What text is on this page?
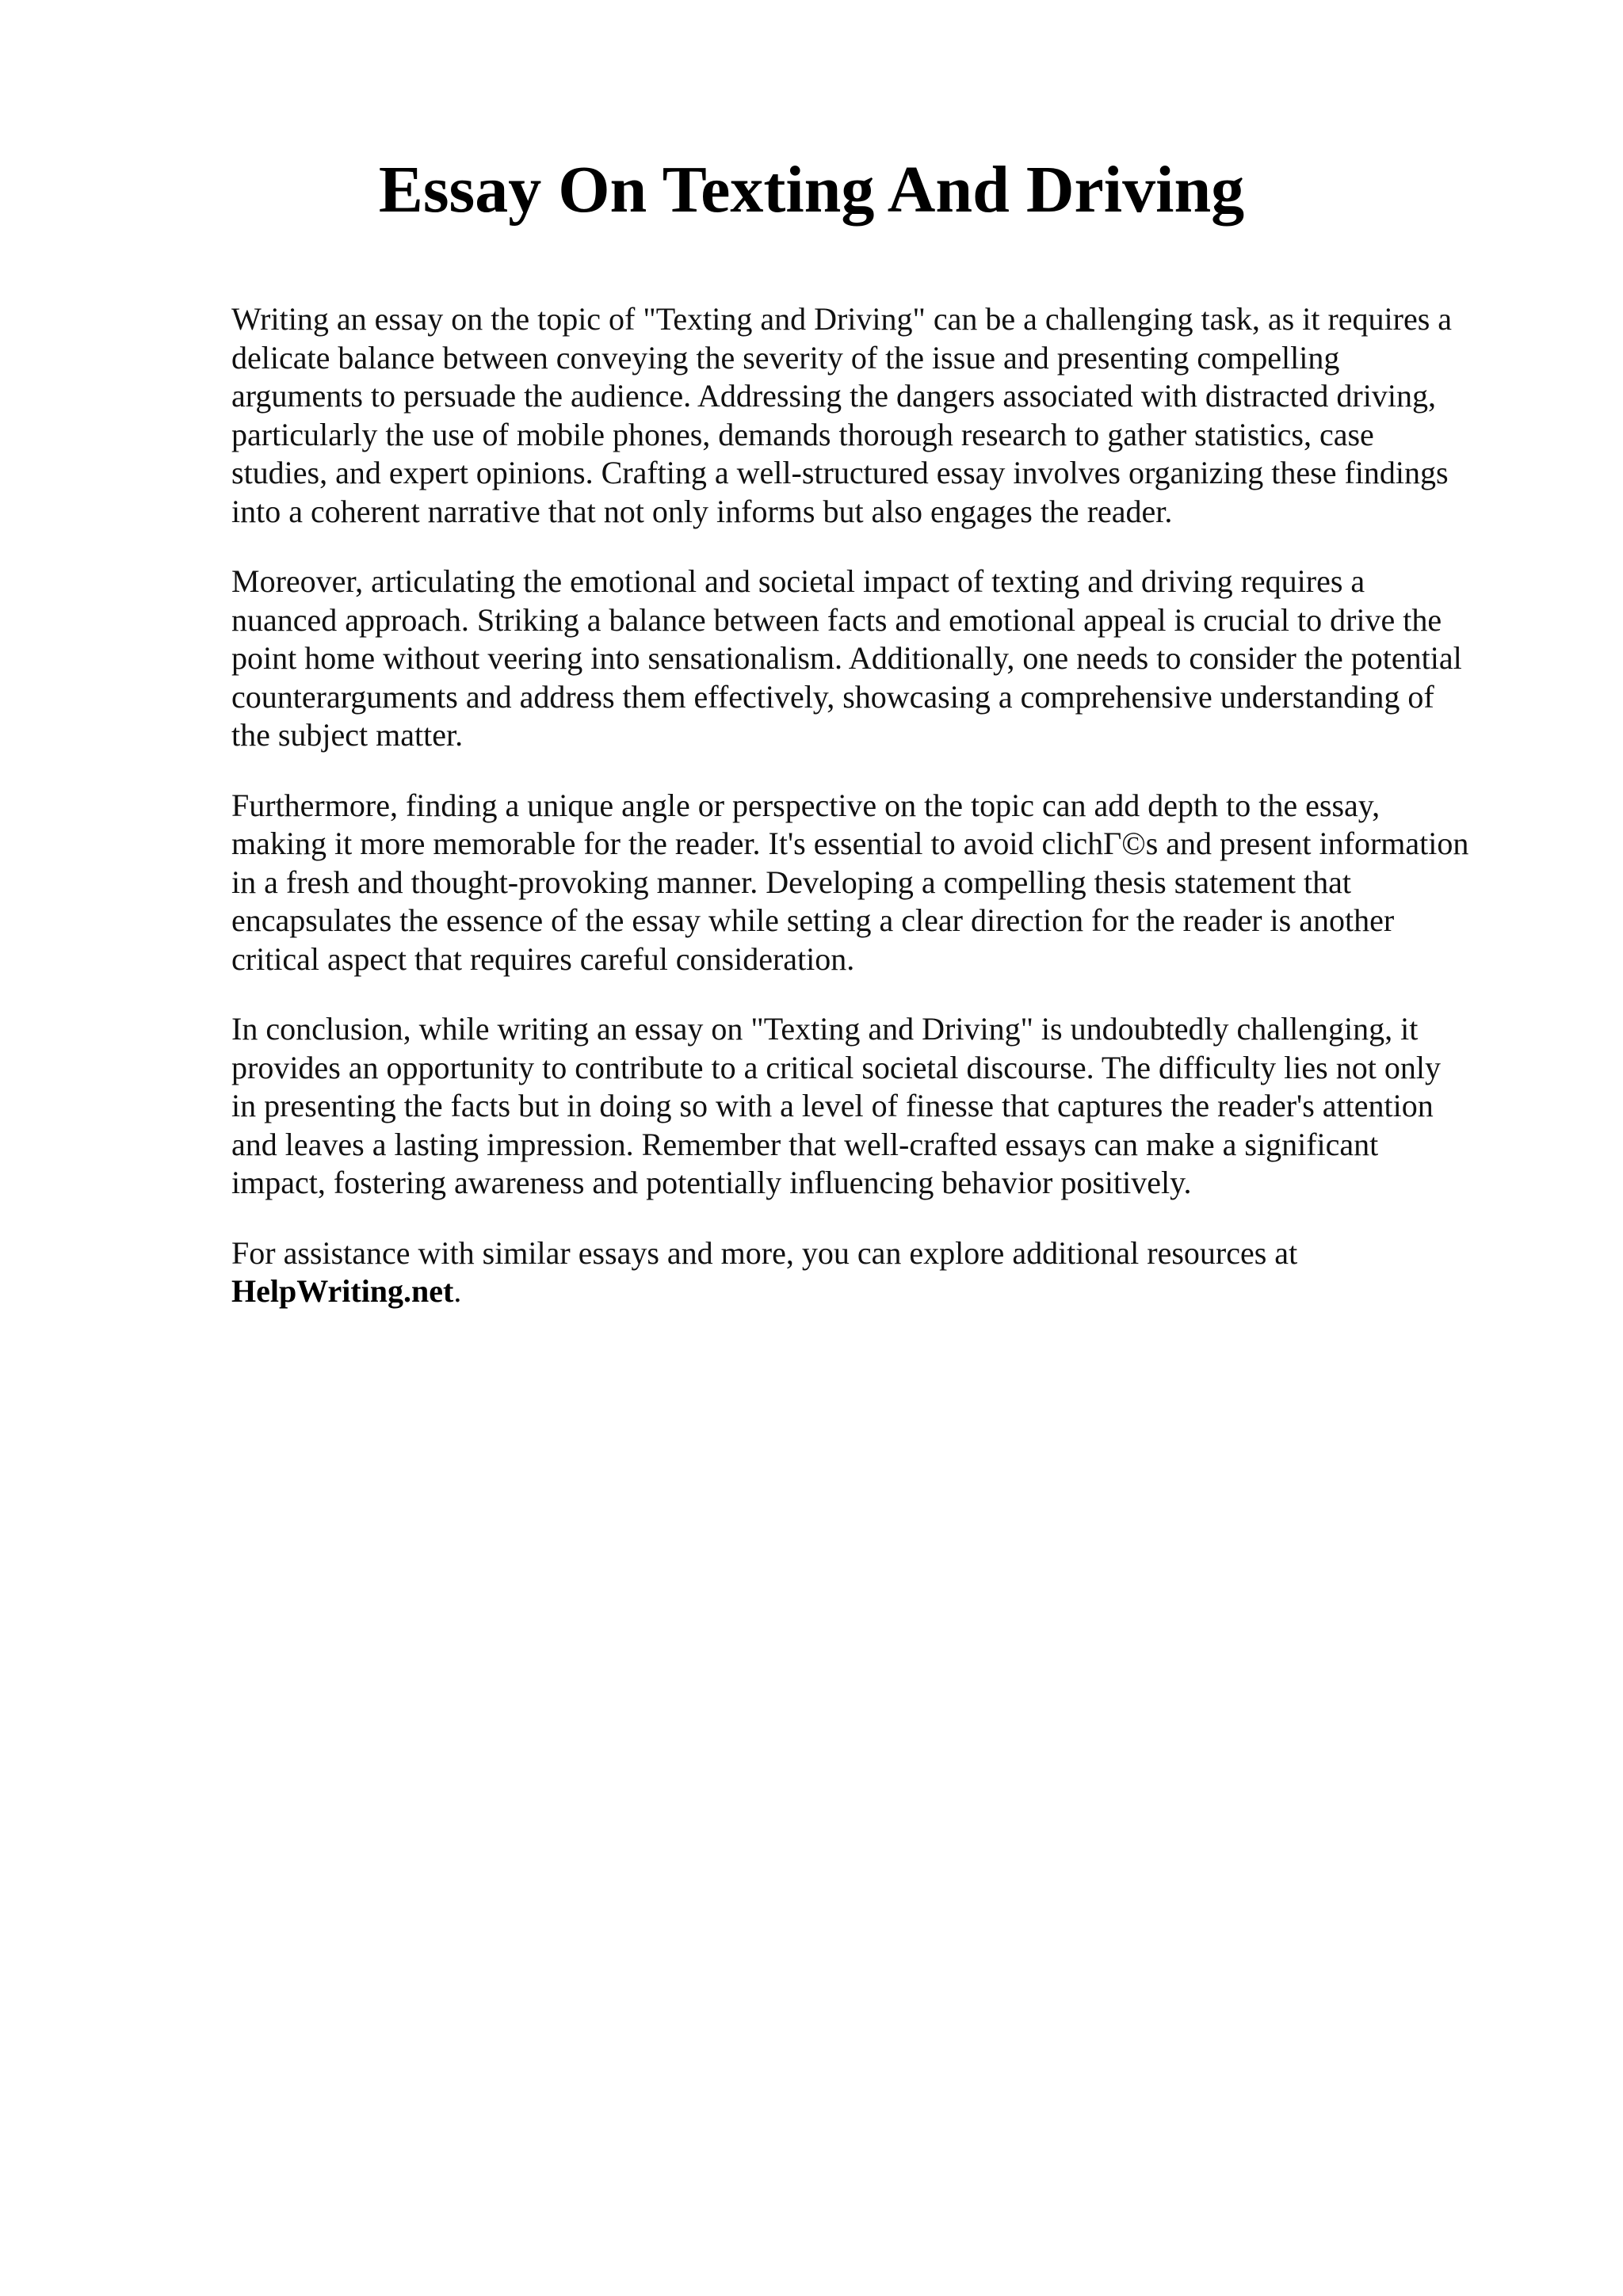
Essay On Texting And Driving

Writing an essay on the topic of "Texting and Driving" can be a challenging task, as it requires a
delicate balance between conveying the severity of the issue and presenting compelling
arguments to persuade the audience. Addressing the dangers associated with distracted driving,
particularly the use of mobile phones, demands thorough research to gather statistics, case
studies, and expert opinions. Crafting a well-structured essay involves organizing these findings
into a coherent narrative that not only informs but also engages the reader.

Moreover, articulating the emotional and societal impact of texting and driving requires a
nuanced approach. Striking a balance between facts and emotional appeal is crucial to drive the
point home without veering into sensationalism. Additionally, one needs to consider the potential
counterarguments and address them effectively, showcasing a comprehensive understanding of
the subject matter.

Furthermore, finding a unique angle or perspective on the topic can add depth to the essay,
making it more memorable for the reader. It's essential to avoid clichΓ©s and present information
in a fresh and thought-provoking manner. Developing a compelling thesis statement that
encapsulates the essence of the essay while setting a clear direction for the reader is another
critical aspect that requires careful consideration.

In conclusion, while writing an essay on "Texting and Driving" is undoubtedly challenging, it
provides an opportunity to contribute to a critical societal discourse. The difficulty lies not only
in presenting the facts but in doing so with a level of finesse that captures the reader's attention
and leaves a lasting impression. Remember that well-crafted essays can make a significant
impact, fostering awareness and potentially influencing behavior positively.

For assistance with similar essays and more, you can explore additional resources at
HelpWriting.net.
